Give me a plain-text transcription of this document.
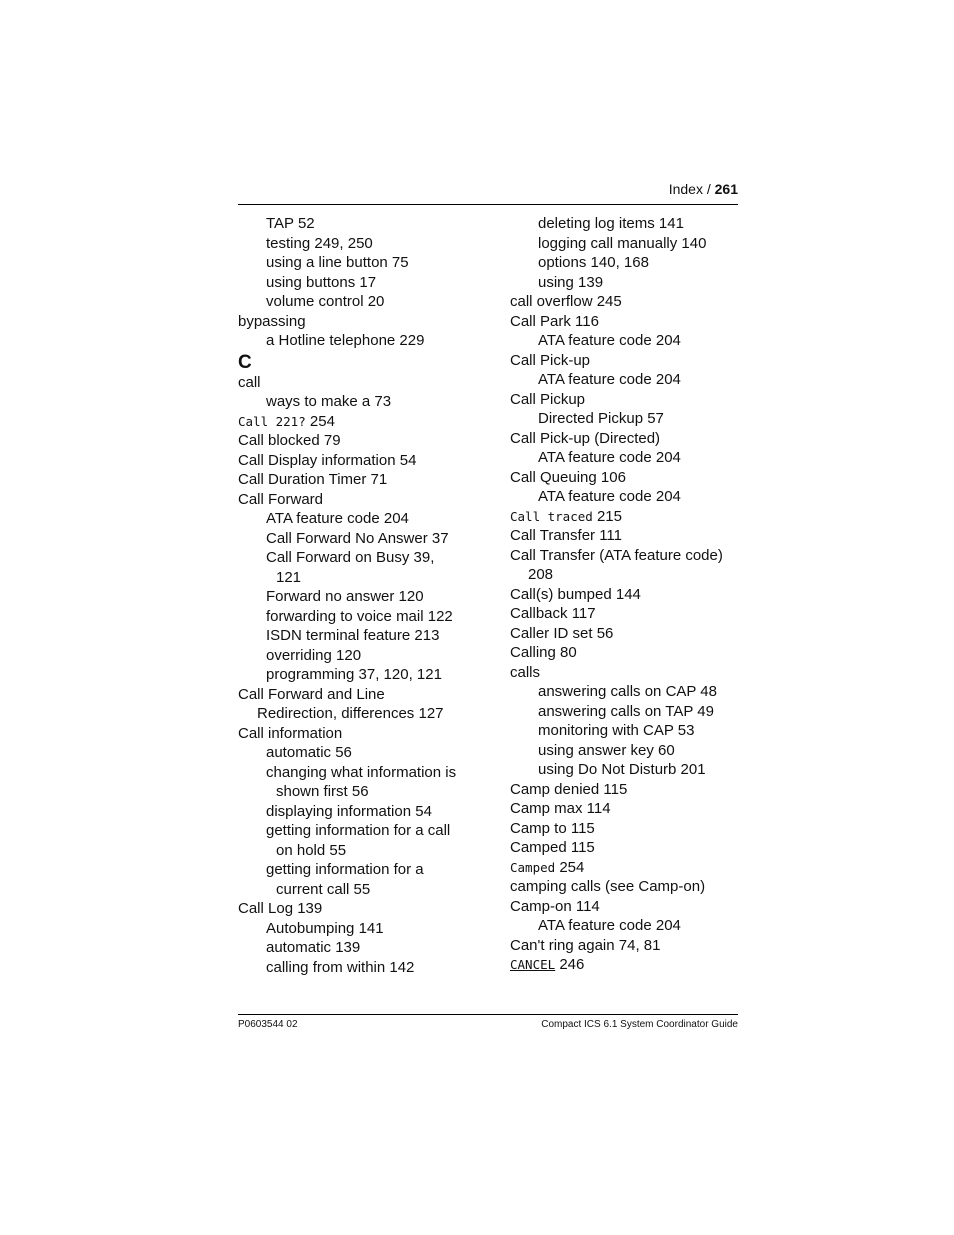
Index / 261
TAP 52
testing 249, 250
using a line button 75
using buttons 17
volume control 20
bypassing
a Hotline telephone 229
C
call
ways to make a 73
Call 221? 254
Call blocked 79
Call Display information 54
Call Duration Timer 71
Call Forward
ATA feature code 204
Call Forward No Answer 37
Call Forward on Busy 39,
121
Forward no answer 120
forwarding to voice mail 122
ISDN terminal feature 213
overriding 120
programming 37, 120, 121
Call Forward and Line
Redirection, differences 127
Call information
automatic 56
changing what information is
shown first 56
displaying information 54
getting information for a call
on hold 55
getting information for a
current call 55
Call Log 139
Autobumping 141
automatic 139
calling from within 142
deleting log items 141
logging call manually 140
options 140, 168
using 139
call overflow 245
Call Park 116
ATA feature code 204
Call Pick-up
ATA feature code 204
Call Pickup
Directed Pickup 57
Call Pick-up (Directed)
ATA feature code 204
Call Queuing 106
ATA feature code 204
Call traced 215
Call Transfer 111
Call Transfer (ATA feature code)
208
Call(s) bumped 144
Callback 117
Caller ID set 56
Calling 80
calls
answering calls on CAP 48
answering calls on TAP 49
monitoring with CAP 53
using answer key 60
using Do Not Disturb 201
Camp denied 115
Camp max 114
Camp to 115
Camped 115
Camped 254
camping calls (see Camp-on)
Camp-on 114
ATA feature code 204
Can't ring again 74, 81
CANCEL 246
P0603544 02	Compact ICS 6.1 System Coordinator Guide
